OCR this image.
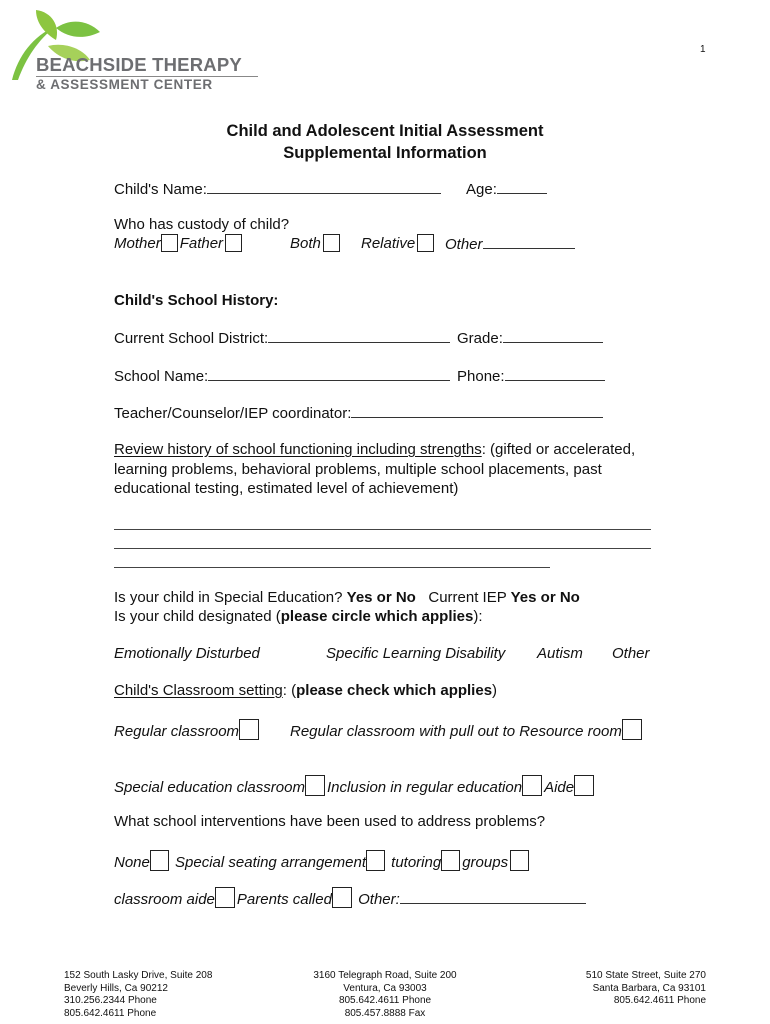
BEACHSIDE THERAPY
& ASSESSMENT CENTER
1
Child and Adolescent Initial Assessment
Supplemental Information
Child's Name:	Age:
Who has custody of child?
Mother Father	Both	Relative	Other
Child's School History:
Current School District:	Grade:
School Name:	Phone:
Teacher/Counselor/IEP coordinator:
Review history of school functioning including strengths: (gifted or accelerated,
learning problems, behavioral problems, multiple school placements, past
educational testing, estimated level of achievement)
Is your child in Special Education? Yes or No Current IEP Yes or No
Is your child designated (please circle which applies):
Emotionally Disturbed	Specific Learning Disability Autism Other
Child's Classroom setting: (please check which applies)
Regular classroom	Regular classroom with pull out to Resource room
Special education classroom Inclusion in regular education Aide
What school interventions have been used to address problems?
None Special seating arrangement tutoring groups
classroom aide Parents called Other:
152 South Lasky Drive, Suite 208
Beverly Hills, Ca 90212
310.256.2344 Phone
805.642.4611 Phone
3160 Telegraph Road, Suite 200
Ventura, Ca 93003
805.642.4611 Phone
805.457.8888 Fax
510 State Street, Suite 270
Santa Barbara, Ca 93101
805.642.4611 Phone
